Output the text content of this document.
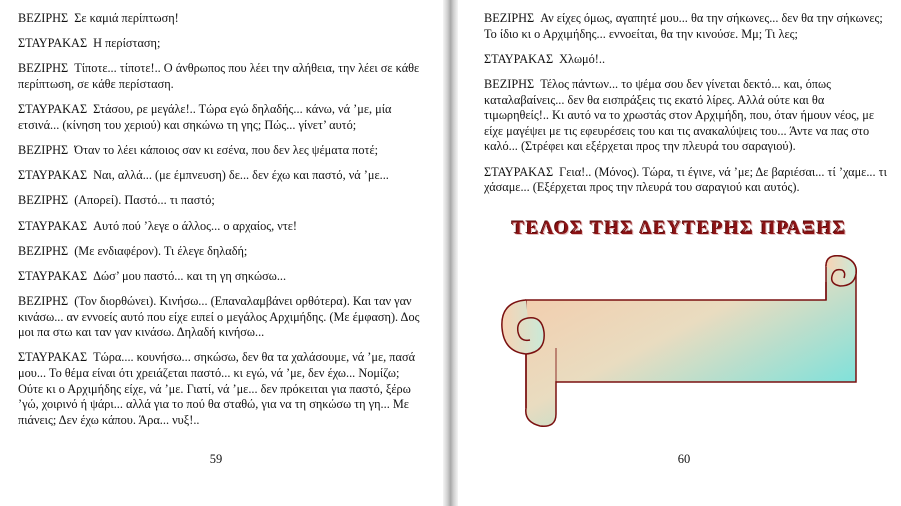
ΒΕΖΙΡΗΣ Σε καμιά περίπτωση!

ΣΤΑΥΡΑΚΑΣ Η περίσταση;

ΒΕΖΙΡΗΣ Τίποτε... τίποτε!.. Ο άνθρωπος που λέει την αλήθεια, την λέει σε κάθε περίπτωση, σε κάθε περίσταση.

ΣΤΑΥΡΑΚΑΣ Στάσου, ρε μεγάλε!.. Τώρα εγώ δηλαδής... κάνω, νά ’με, μία ετσινά... (κίνηση του χεριού) και σηκώνω τη γης; Πώς... γίνετ’ αυτό;

ΒΕΖΙΡΗΣ Όταν το λέει κάποιος σαν κι εσένα, που δεν λες ψέματα ποτέ;

ΣΤΑΥΡΑΚΑΣ Ναι, αλλά... (με έμπνευση) δε... δεν έχω και παστό, νά ’με...

ΒΕΖΙΡΗΣ (Απορεί). Παστό... τι παστό;

ΣΤΑΥΡΑΚΑΣ Αυτό πού ’λεγε ο άλλος... ο αρχαίος, ντε!

ΒΕΖΙΡΗΣ (Με ενδιαφέρον). Τι έλεγε δηλαδή;

ΣΤΑΥΡΑΚΑΣ Δώσ’ μου παστό... και τη γη σηκώσω...

ΒΕΖΙΡΗΣ (Τον διορθώνει). Κινήσω... (Επαναλαμβάνει ορθότερα). Και ταν γαν κινάσω... αν εννοείς αυτό που είχε ειπεί ο μεγάλος Αρχιμήδης. (Με έμφαση). Δος μοι πα στω και ταν γαν κινάσω. Δηλαδή κινήσω...

ΣΤΑΥΡΑΚΑΣ Τώρα.... κουνήσω... σηκώσω, δεν θα τα χαλάσουμε, νά ’με, πασά μου... Το θέμα είναι ότι χρειάζεται παστό... κι εγώ, νά ’με, δεν έχω... Νομίζω; Ούτε κι ο Αρχιμήδης είχε, νά ’με. Γιατί, νά ’με... δεν πρόκειται για παστό, ξέρω ’γώ, χοιρινό ή ψάρι... αλλά για το πού θα σταθώ, για να τη σηκώσω τη γη... Με πιάνεις; Δεν έχω κάπου. Άρα... νυξ!..

59

ΒΕΖΙΡΗΣ Αν είχες όμως, αγαπητέ μου... θα την σήκωνες... δεν θα την σήκωνες; Το ίδιο κι ο Αρχιμήδης... εννοείται, θα την κινούσε. Μμ; Τι λες;

ΣΤΑΥΡΑΚΑΣ Χλωμό!..

ΒΕΖΙΡΗΣ Τέλος πάντων... το ψέμα σου δεν γίνεται δεκτό... και, όπως καταλαβαίνεις... δεν θα εισπράξεις τις εκατό λίρες. Αλλά ούτε και θα τιμωρηθείς!.. Κι αυτό να το χρωστάς στον Αρχιμήδη, που, όταν ήμουν νέος, με είχε μαγέψει με τις εφευρέσεις του και τις ανακαλύψεις του... Άντε να πας στο καλό... (Στρέφει και εξέρχεται προς την πλευρά του σαραγιού).

ΣΤΑΥΡΑΚΑΣ Γεια!.. (Μόνος). Τώρα, τι έγινε, νά ’με; Δε βαριέσαι... τί ’χαμε... τι χάσαμε... (Εξέρχεται προς την πλευρά του σαραγιού και αυτός).

ΤΕΛΟΣ ΤΗΣ ΔΕΥΤΕΡΗΣ ΠΡΑΞΗΣ
60
